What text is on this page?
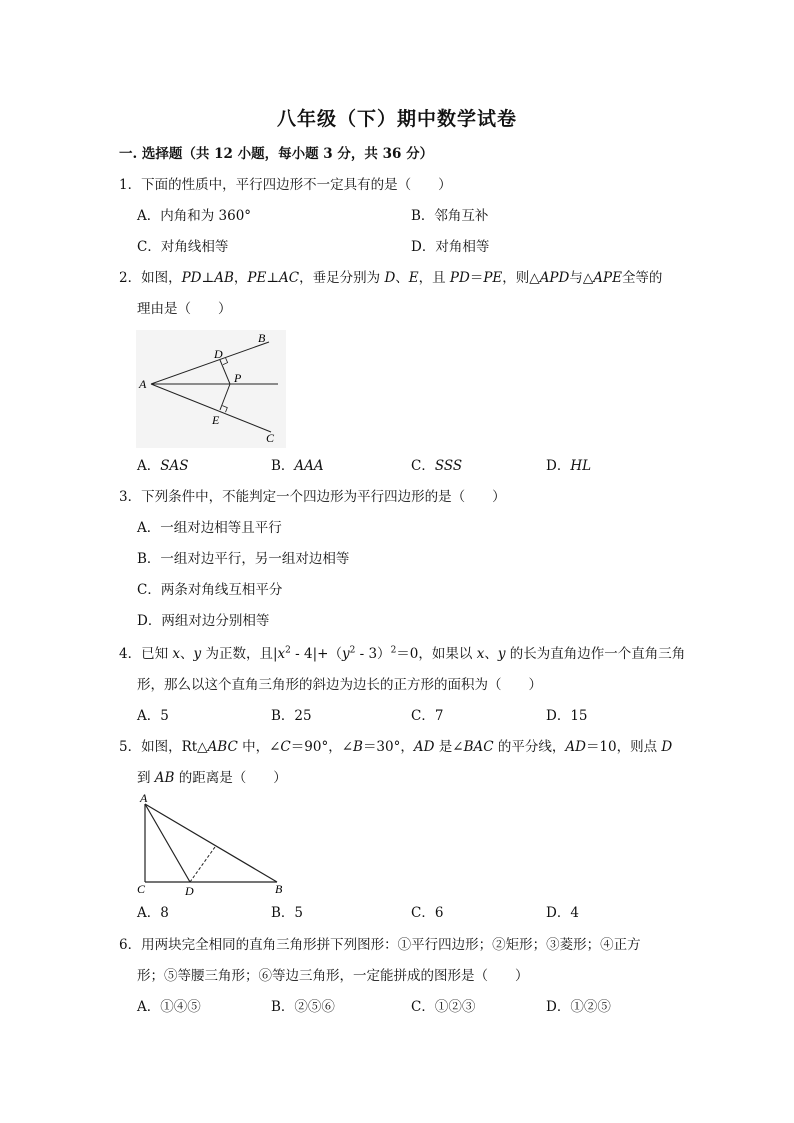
八年级（下）期中数学试卷
一. 选择题（共 12 小题，每小题 3 分，共 36 分）
1．下面的性质中，平行四边形不一定具有的是（　　）
A．内角和为 360°	B．邻角互补
C．对角线相等	D．对角相等
2．如图，PD⊥AB，PE⊥AC，垂足分别为 D、E，且 PD＝PE，则△APD与△APE全等的
理由是（　　）
A
B
C
D
E
P
A．SAS	B．AAA	C．SSS	D．HL
3．下列条件中，不能判定一个四边形为平行四边形的是（　　）
A．一组对边相等且平行
B．一组对边平行，另一组对边相等
C．两条对角线互相平分
D．两组对边分别相等
4．已知 x、y 为正数，且$|x^2 - 4|+(y^2 - 3)^2=0$，如果以 x、y 的长为直角边作一个直角三角
形，那么以这个直角三角形的斜边为边长的正方形的面积为（　　）
A．5	B．25	C．7	D．15
5．如图，Rt△ABC 中，∠C＝90°，∠B＝30°，AD 是∠BAC 的平分线，AD＝10，则点 D
到 AB 的距离是（　　）
A
C	D	B
A．8	B．5	C．6	D．4
6．用两块完全相同的直角三角形拼下列图形：①平行四边形；②矩形；③菱形；④正方
形；⑤等腰三角形；⑥等边三角形，一定能拼成的图形是（　　）
A．①④⑤	B．②⑤⑥	C．①②③	D．①②⑤
